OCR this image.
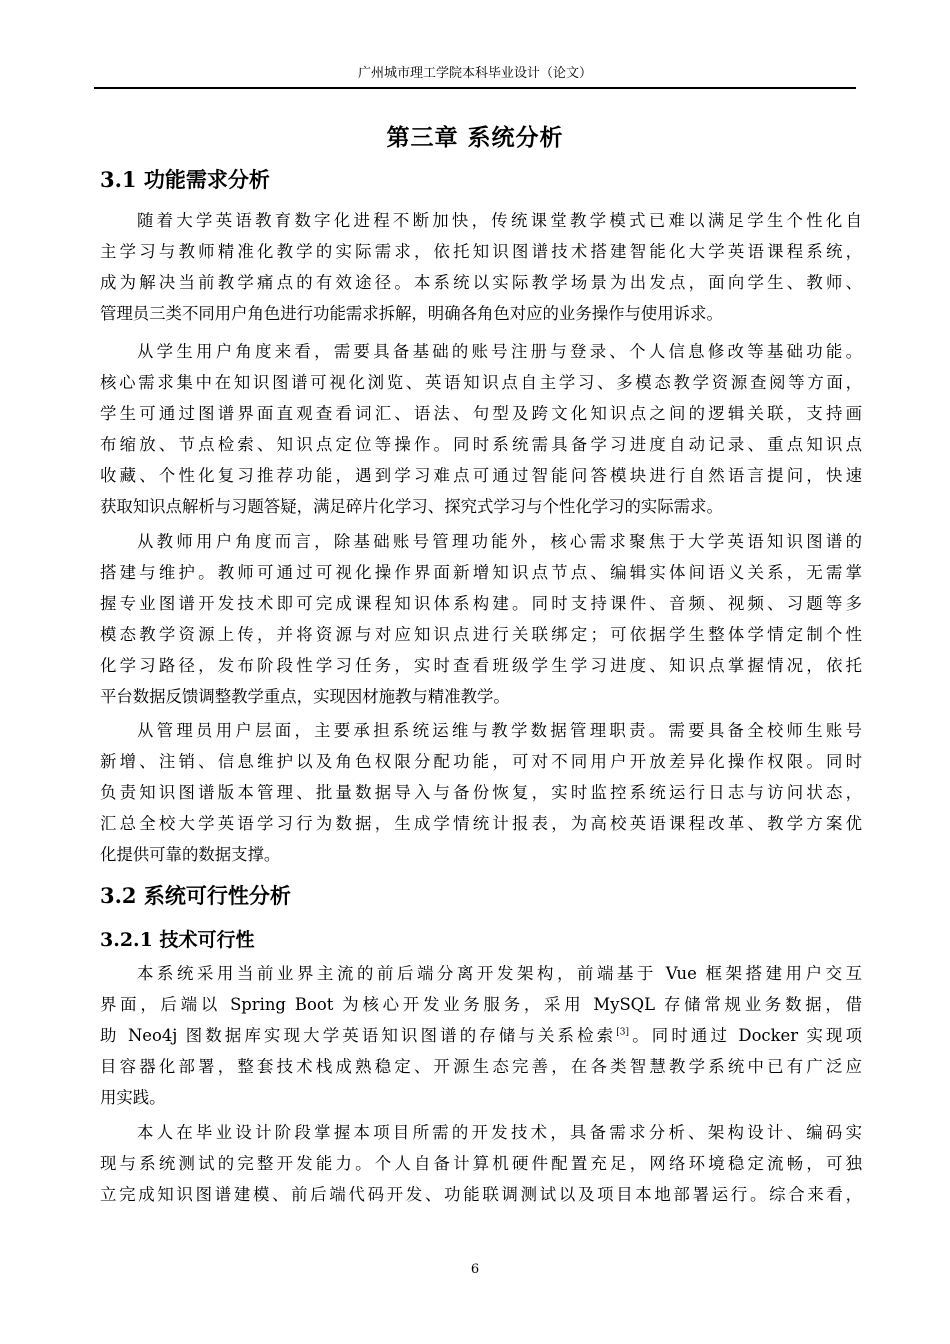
广州城市理工学院本科毕业设计（论文）
第三章 系统分析
3.1 功能需求分析
随着大学英语教育数字化进程不断加快，传统课堂教学模式已难以满足学生个性化自
主学习与教师精准化教学的实际需求，依托知识图谱技术搭建智能化大学英语课程系统，
成为解决当前教学痛点的有效途径。本系统以实际教学场景为出发点，面向学生、教师、
管理员三类不同用户角色进行功能需求拆解，明确各角色对应的业务操作与使用诉求。
从学生用户角度来看，需要具备基础的账号注册与登录、个人信息修改等基础功能。
核心需求集中在知识图谱可视化浏览、英语知识点自主学习、多模态教学资源查阅等方面，
学生可通过图谱界面直观查看词汇、语法、句型及跨文化知识点之间的逻辑关联，支持画
布缩放、节点检索、知识点定位等操作。同时系统需具备学习进度自动记录、重点知识点
收藏、个性化复习推荐功能，遇到学习难点可通过智能问答模块进行自然语言提问，快速
获取知识点解析与习题答疑，满足碎片化学习、探究式学习与个性化学习的实际需求。
从教师用户角度而言，除基础账号管理功能外，核心需求聚焦于大学英语知识图谱的
搭建与维护。教师可通过可视化操作界面新增知识点节点、编辑实体间语义关系，无需掌
握专业图谱开发技术即可完成课程知识体系构建。同时支持课件、音频、视频、习题等多
模态教学资源上传，并将资源与对应知识点进行关联绑定；可依据学生整体学情定制个性
化学习路径，发布阶段性学习任务，实时查看班级学生学习进度、知识点掌握情况，依托
平台数据反馈调整教学重点，实现因材施教与精准教学。
从管理员用户层面，主要承担系统运维与教学数据管理职责。需要具备全校师生账号
新增、注销、信息维护以及角色权限分配功能，可对不同用户开放差异化操作权限。同时
负责知识图谱版本管理、批量数据导入与备份恢复，实时监控系统运行日志与访问状态，
汇总全校大学英语学习行为数据，生成学情统计报表，为高校英语课程改革、教学方案优
化提供可靠的数据支撑。
3.2 系统可行性分析
3.2.1 技术可行性
本系统采用当前业界主流的前后端分离开发架构，前端基于 Vue 框架搭建用户交互
界面，后端以 Spring Boot 为核心开发业务服务，采用 MySQL 存储常规业务数据，借
助 Neo4j 图数据库实现大学英语知识图谱的存储与关系检索[3]。同时通过 Docker 实现项
目容器化部署，整套技术栈成熟稳定、开源生态完善，在各类智慧教学系统中已有广泛应
用实践。
本人在毕业设计阶段掌握本项目所需的开发技术，具备需求分析、架构设计、编码实
现与系统测试的完整开发能力。个人自备计算机硬件配置充足，网络环境稳定流畅，可独
立完成知识图谱建模、前后端代码开发、功能联调测试以及项目本地部署运行。综合来看，
6
